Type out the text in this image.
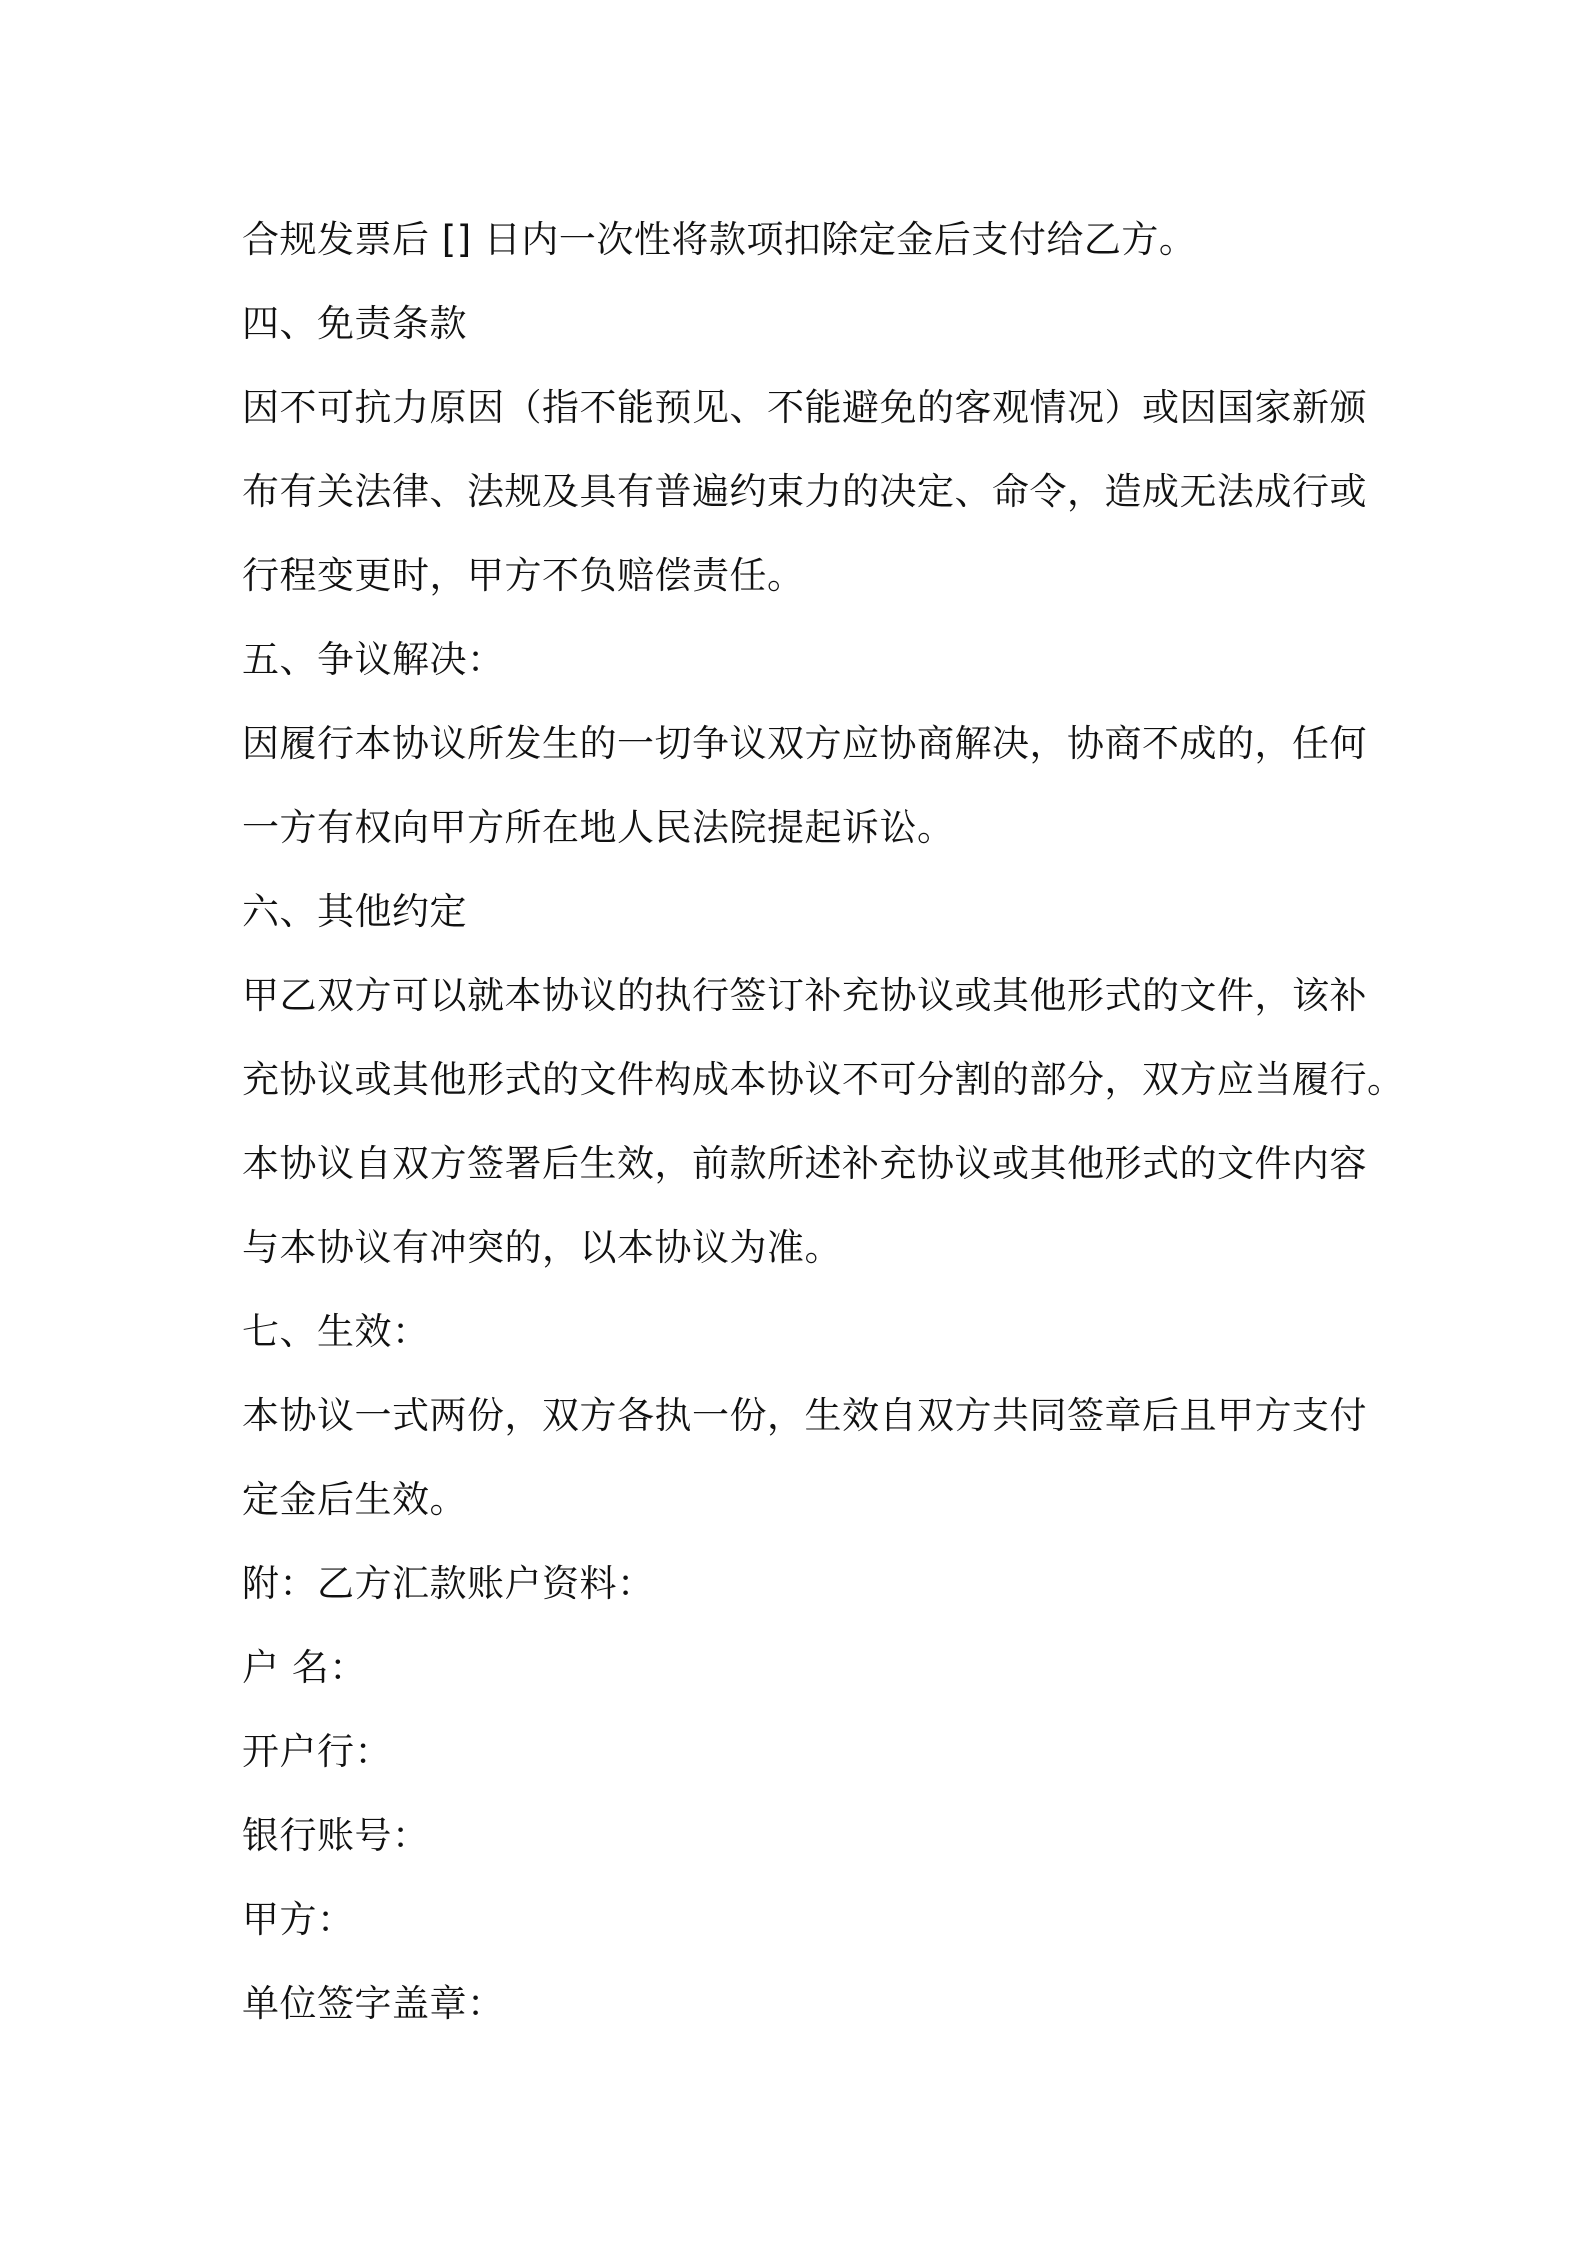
合规发票后 [] 日内一次性将款项扣除定金后支付给乙方。
四、免责条款
因不可抗力原因（指不能预见、不能避免的客观情况）或因国家新颁
布有关法律、法规及具有普遍约束力的决定、命令，造成无法成行或
行程变更时，甲方不负赔偿责任。
五、争议解决：
因履行本协议所发生的一切争议双方应协商解决，协商不成的，任何
一方有权向甲方所在地人民法院提起诉讼。
六、其他约定
甲乙双方可以就本协议的执行签订补充协议或其他形式的文件，该补
充协议或其他形式的文件构成本协议不可分割的部分，双方应当履行。
本协议自双方签署后生效，前款所述补充协议或其他形式的文件内容
与本协议有冲突的，以本协议为准。
七、生效：
本协议一式两份，双方各执一份，生效自双方共同签章后且甲方支付
定金后生效。
附：乙方汇款账户资料：
户 名：
开户行：
银行账号：
甲方：
单位签字盖章：
